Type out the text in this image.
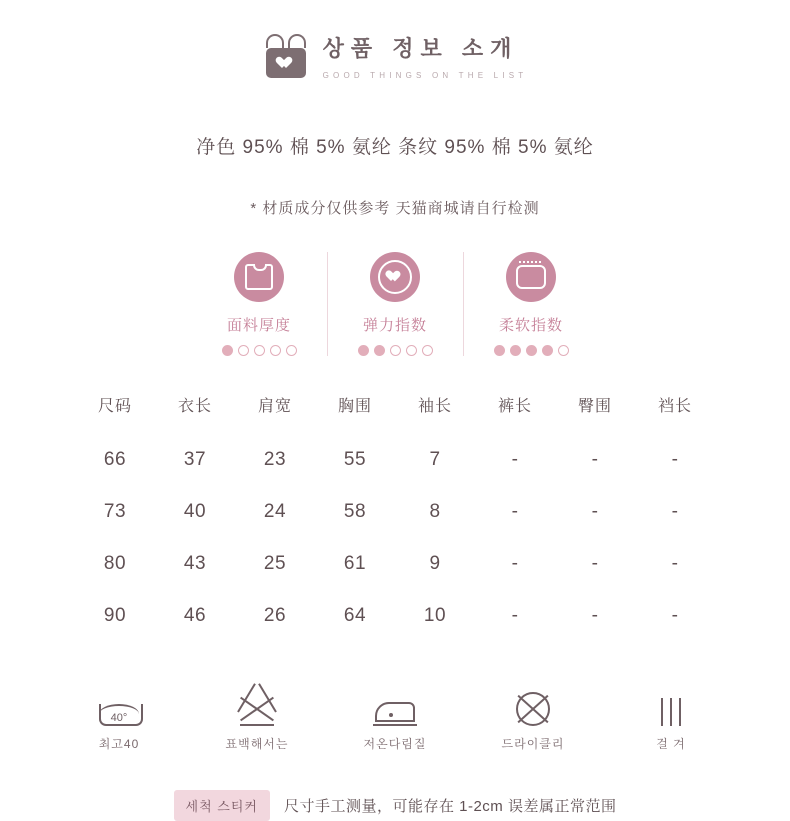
상품 정보 소개
GOOD THINGS ON THE LIST
净色 95% 棉 5% 氨纶 条纹 95% 棉 5% 氨纶
* 材质成分仅供参考 天猫商城请自行检测
面料厚度	弹力指数	柔软指数
尺码	衣长	肩宽	胸围	袖长	裤长	臀围	裆长
66	37	23	55	7	-	-	-
73	40	24	58	8	-	-	-
80	43	25	61	9	-	-	-
90	46	26	64	10	-	-	-
40°
최고40	표백해서는	저온다림질	드라이클리	걸 겨
세척 스티커	尺寸手工测量，可能存在 1-2cm 误差属正常范围
